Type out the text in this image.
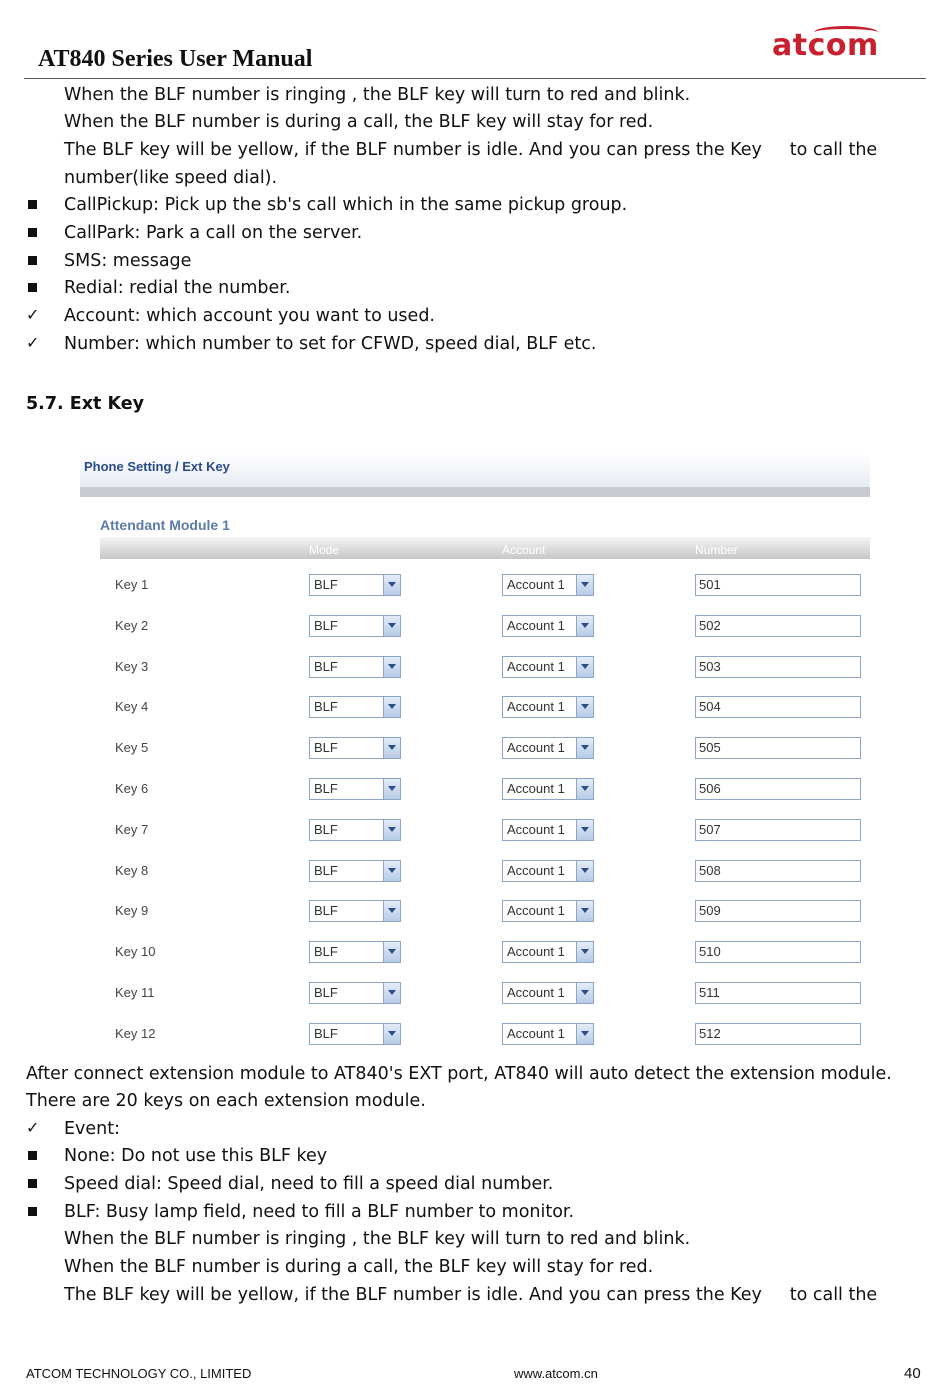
AT840 Series User Manual	atcom
When the BLF number is ringing , the BLF key will turn to red and blink.
When the BLF number is during a call, the BLF key will stay for red.
The BLF key will be yellow, if the BLF number is idle. And you can press the Key     to call the
number(like speed dial).
CallPickup: Pick up the sb's call which in the same pickup group.
CallPark: Park a call on the server.
SMS: message
Redial: redial the number.
✓ Account: which account you want to used.
✓ Number: which number to set for CFWD, speed dial, BLF etc.
5.7. Ext Key
Phone Setting / Ext Key
Attendant Module 1
Mode	Account	Number
Key 1	BLF	Account 1	501
Key 2	BLF	Account 1	502
Key 3	BLF	Account 1	503
Key 4	BLF	Account 1	504
Key 5	BLF	Account 1	505
Key 6	BLF	Account 1	506
Key 7	BLF	Account 1	507
Key 8	BLF	Account 1	508
Key 9	BLF	Account 1	509
Key 10	BLF	Account 1	510
Key 11	BLF	Account 1	511
Key 12	BLF	Account 1	512
After connect extension module to AT840's EXT port, AT840 will auto detect the extension module.
There are 20 keys on each extension module.
✓ Event:
None: Do not use this BLF key
Speed dial: Speed dial, need to fill a speed dial number.
BLF: Busy lamp field, need to fill a BLF number to monitor.
When the BLF number is ringing , the BLF key will turn to red and blink.
When the BLF number is during a call, the BLF key will stay for red.
The BLF key will be yellow, if the BLF number is idle. And you can press the Key     to call the
ATCOM TECHNOLOGY CO., LIMITED	www.atcom.cn	40
